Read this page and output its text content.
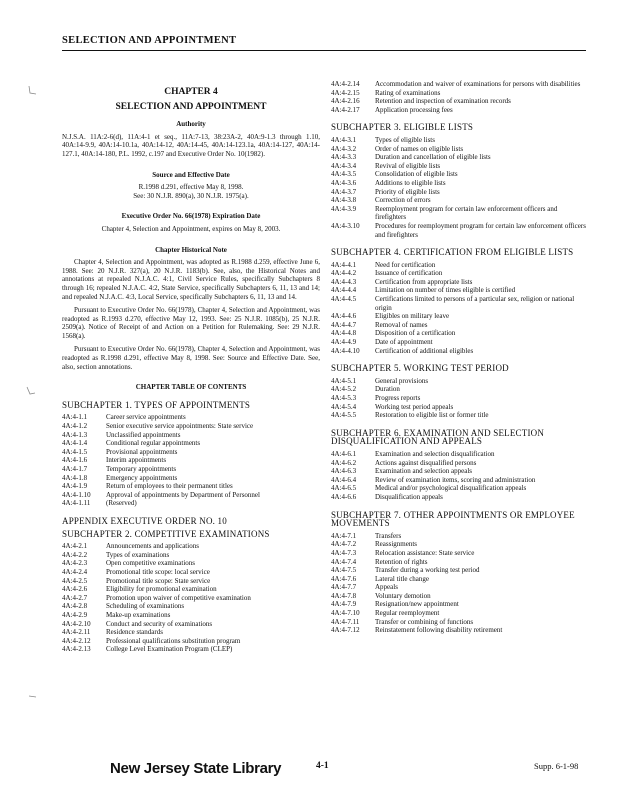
SELECTION AND APPOINTMENT
CHAPTER 4
SELECTION AND APPOINTMENT
Authority

N.J.S.A. 11A:2-6(d), 11A:4-1 et seq., 11A:7-13, 38:23A-2, 40A:9-1.3 through 1.10, 40A:14-9.9, 40A:14-10.1a, 40A:14-12, 40A:14-45, 40A:14-123.1a, 40A:14-127, 40A:14-127.1, 40A:14-180, P.L. 1992, c.197 and Executive Order No. 10(1982).

Source and Effective Date
R.1998 d.291, effective May 8, 1998.
See: 30 N.J.R. 890(a), 30 N.J.R. 1975(a).
Executive Order No. 66(1978) Expiration Date
Chapter 4, Selection and Appointment, expires on May 8, 2003.
Chapter Historical Note

Chapter 4, Selection and Appointment, was adopted as R.1988 d.259, effective June 6, 1988. See: 20 N.J.R. 327(a), 20 N.J.R. 1183(b). See, also, the Historical Notes and annotations at repealed N.J.A.C. 4:1, Civil Service Rules, specifically Subchapters 8 through 16; repealed N.J.A.C. 4:2, State Service, specifically Subchapters 6, 11, 13 and 14; and repealed N.J.A.C. 4:3, Local Service, specifically Subchapters 6, 11, 13 and 14.

Pursuant to Executive Order No. 66(1978), Chapter 4, Selection and Appointment, was readopted as R.1993 d.270, effective May 12, 1993. See: 25 N.J.R. 1085(b), 25 N.J.R. 2509(a). Notice of Receipt of and Action on a Petition for Rulemaking. See: 29 N.J.R. 1568(a).

Pursuant to Executive Order No. 66(1978), Chapter 4, Selection and Appointment, was readopted as R.1998 d.291, effective May 8, 1998. See: Source and Effective Date. See, also, section annotations.

CHAPTER TABLE OF CONTENTS
SUBCHAPTER 1. TYPES OF APPOINTMENTS
4A:4-1.1	Career service appointments
4A:4-1.2	Senior executive service appointments: State service
4A:4-1.3	Unclassified appointments
4A:4-1.4	Conditional regular appointments
4A:4-1.5	Provisional appointments
4A:4-1.6	Interim appointments
4A:4-1.7	Temporary appointments
4A:4-1.8	Emergency appointments
4A:4-1.9	Return of employees to their permanent titles
4A:4-1.10	Approval of appointments by Department of Personnel
4A:4-1.11	(Reserved)
APPENDIX EXECUTIVE ORDER NO. 10
SUBCHAPTER 2. COMPETITIVE EXAMINATIONS
4A:4-2.1	Announcements and applications
4A:4-2.2	Types of examinations
4A:4-2.3	Open competitive examinations
4A:4-2.4	Promotional title scope: local service
4A:4-2.5	Promotional title scope: State service
4A:4-2.6	Eligibility for promotional examination
4A:4-2.7	Promotion upon waiver of competitive examination
4A:4-2.8	Scheduling of examinations
4A:4-2.9	Make-up examinations
4A:4-2.10	Conduct and security of examinations
4A:4-2.11	Residence standards
4A:4-2.12	Professional qualifications substitution program
4A:4-2.13	College Level Examination Program (CLEP)
4A:4-2.14	Accommodation and waiver of examinations for persons with disabilities
4A:4-2.15	Rating of examinations
4A:4-2.16	Retention and inspection of examination records
4A:4-2.17	Application processing fees
SUBCHAPTER 3. ELIGIBLE LISTS
4A:4-3.1	Types of eligible lists
4A:4-3.2	Order of names on eligible lists
4A:4-3.3	Duration and cancellation of eligible lists
4A:4-3.4	Revival of eligible lists
4A:4-3.5	Consolidation of eligible lists
4A:4-3.6	Additions to eligible lists
4A:4-3.7	Priority of eligible lists
4A:4-3.8	Correction of errors
4A:4-3.9	Reemployment program for certain law enforcement officers and firefighters
4A:4-3.10	Procedures for reemployment program for certain law enforcement officers and firefighters
SUBCHAPTER 4. CERTIFICATION FROM ELIGIBLE LISTS
4A:4-4.1	Need for certification
4A:4-4.2	Issuance of certification
4A:4-4.3	Certification from appropriate lists
4A:4-4.4	Limitation on number of times eligible is certified
4A:4-4.5	Certifications limited to persons of a particular sex, religion or national origin
4A:4-4.6	Eligibles on military leave
4A:4-4.7	Removal of names
4A:4-4.8	Disposition of a certification
4A:4-4.9	Date of appointment
4A:4-4.10	Certification of additional eligibles
SUBCHAPTER 5. WORKING TEST PERIOD
4A:4-5.1	General provisions
4A:4-5.2	Duration
4A:4-5.3	Progress reports
4A:4-5.4	Working test period appeals
4A:4-5.5	Restoration to eligible list or former title
SUBCHAPTER 6. EXAMINATION AND SELECTION DISQUALIFICATION AND APPEALS
4A:4-6.1	Examination and selection disqualification
4A:4-6.2	Actions against disqualified persons
4A:4-6.3	Examination and selection appeals
4A:4-6.4	Review of examination items, scoring and administration
4A:4-6.5	Medical and/or psychological disqualification appeals
4A:4-6.6	Disqualification appeals
SUBCHAPTER 7. OTHER APPOINTMENTS OR EMPLOYEE MOVEMENTS
4A:4-7.1	Transfers
4A:4-7.2	Reassignments
4A:4-7.3	Relocation assistance: State service
4A:4-7.4	Retention of rights
4A:4-7.5	Transfer during a working test period
4A:4-7.6	Lateral title change
4A:4-7.7	Appeals
4A:4-7.8	Voluntary demotion
4A:4-7.9	Resignation/new appointment
4A:4-7.10	Regular reemployment
4A:4-7.11	Transfer or combining of functions
4A:4-7.12	Reinstatement following disability retirement
New Jersey State Library	4-1	Supp. 6-1-98
